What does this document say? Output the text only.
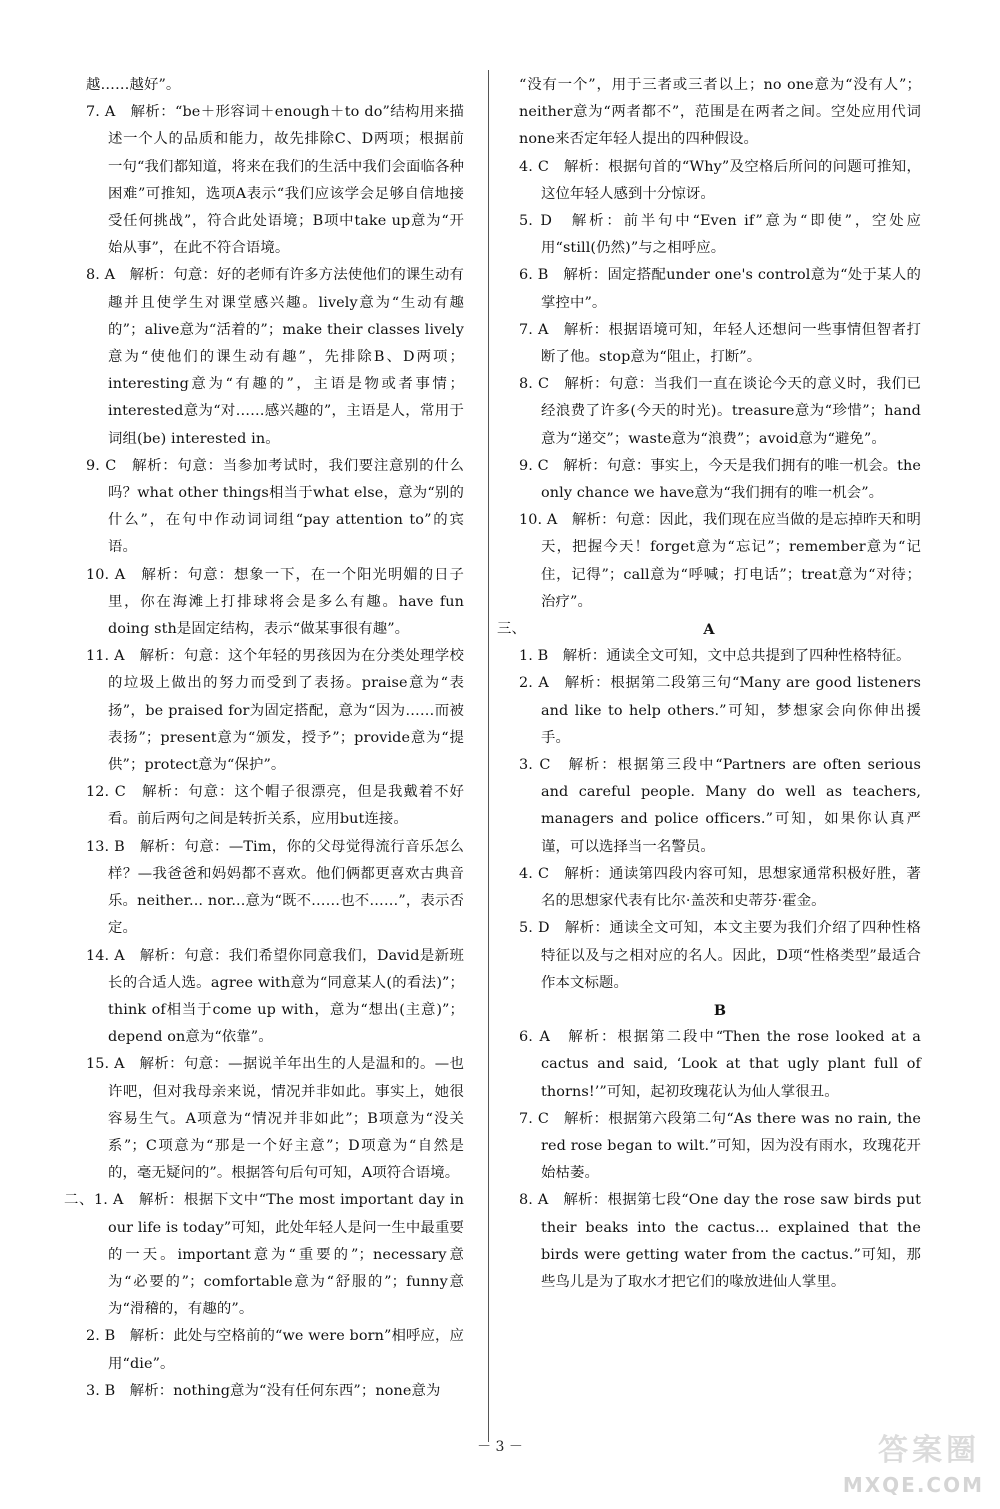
越……越好”。

7. A　解析：“be＋形容词＋enough＋to do”结构用来描述一个人的品质和能力，故先排除C、D两项；根据前一句“我们都知道，将来在我们的生活中我们会面临各种困难”可推知，选项A表示“我们应该学会足够自信地接受任何挑战”，符合此处语境；B项中take up意为“开始从事”，在此不符合语境。

8. A　解析：句意：好的老师有许多方法使他们的课生动有趣并且使学生对课堂感兴趣。lively意为“生动有趣的”；alive意为“活着的”；make their classes lively意为“使他们的课生动有趣”，先排除B、D两项；interesting意为“有趣的”，主语是物或者事情；interested意为“对……感兴趣的”，主语是人，常用于词组(be) interested in。

9. C　解析：句意：当参加考试时，我们要注意别的什么吗？what other things相当于what else，意为“别的什么”，在句中作动词词组“pay attention to”的宾语。

10. A　解析：句意：想象一下，在一个阳光明媚的日子里，你在海滩上打排球将会是多么有趣。have fun doing sth是固定结构，表示“做某事很有趣”。

11. A　解析：句意：这个年轻的男孩因为在分类处理学校的垃圾上做出的努力而受到了表扬。praise意为“表扬”，be praised for为固定搭配，意为“因为……而被表扬”；present意为“颁发，授予”；provide意为“提供”；protect意为“保护”。

12. C　解析：句意：这个帽子很漂亮，但是我戴着不好看。前后两句之间是转折关系，应用but连接。

13. B　解析：句意：—Tim，你的父母觉得流行音乐怎么样？—我爸爸和妈妈都不喜欢。他们俩都更喜欢古典音乐。neither... nor...意为“既不……也不……”，表示否定。

14. A　解析：句意：我们希望你同意我们，David是新班长的合适人选。agree with意为“同意某人(的看法)”；think of相当于come up with，意为“想出(主意)”；depend on意为“依靠”。

15. A　解析：句意：—据说羊年出生的人是温和的。—也许吧，但对我母亲来说，情况并非如此。事实上，她很容易生气。A项意为“情况并非如此”；B项意为“没关系”；C项意为“那是一个好主意”；D项意为“自然是的，毫无疑问的”。根据答句后句可知，A项符合语境。

二、1. A　解析：根据下文中“The most important day in our life is today”可知，此处年轻人是问一生中最重要的一天。important意为“重要的”；necessary意为“必要的”；comfortable意为“舒服的”；funny意为“滑稽的，有趣的”。

2. B　解析：此处与空格前的“we were born”相呼应，应用“die”。

3. B　解析：nothing意为“没有任何东西”；none意为

“没有一个”，用于三者或三者以上；no one意为“没有人”；neither意为“两者都不”，范围是在两者之间。空处应用代词none来否定年轻人提出的四种假设。

4. C　解析：根据句首的“Why”及空格后所问的问题可推知，这位年轻人感到十分惊讶。

5. D　解析：前半句中“Even if”意为“即使”，空处应用“still(仍然)”与之相呼应。

6. B　解析：固定搭配under one's control意为“处于某人的掌控中”。

7. A　解析：根据语境可知，年轻人还想问一些事情但智者打断了他。stop意为“阻止，打断”。

8. C　解析：句意：当我们一直在谈论今天的意义时，我们已经浪费了许多(今天的时光)。treasure意为“珍惜”；hand意为“递交”；waste意为“浪费”；avoid意为“避免”。

9. C　解析：句意：事实上，今天是我们拥有的唯一机会。the only chance we have意为“我们拥有的唯一机会”。

10. A　解析：句意：因此，我们现在应当做的是忘掉昨天和明天，把握今天！forget意为“忘记”；remember意为“记住，记得”；call意为“呼喊；打电话”；treat意为“对待；治疗”。

三、	A

1. B　解析：通读全文可知，文中总共提到了四种性格特征。

2. A　解析：根据第二段第三句“Many are good listeners and like to help others.”可知，梦想家会向你伸出援手。

3. C　解析：根据第三段中“Partners are often serious and careful people. Many do well as teachers, managers and police officers.”可知，如果你认真严谨，可以选择当一名警员。

4. C　解析：通读第四段内容可知，思想家通常积极好胜，著名的思想家代表有比尔·盖茨和史蒂芬·霍金。

5. D　解析：通读全文可知，本文主要为我们介绍了四种性格特征以及与之相对应的名人。因此，D项“性格类型”最适合作本文标题。

B

6. A　解析：根据第二段中“Then the rose looked at a cactus and said, ‘Look at that ugly plant full of thorns!’”可知，起初玫瑰花认为仙人掌很丑。

7. C　解析：根据第六段第二句“As there was no rain, the red rose began to wilt.”可知，因为没有雨水，玫瑰花开始枯萎。

8. A　解析：根据第七段“One day the rose saw birds put their beaks into the cactus... explained that the birds were getting water from the cactus.”可知，那些鸟儿是为了取水才把它们的喙放进仙人掌里。

－ 3 －	答案圈
MXQE.COM
